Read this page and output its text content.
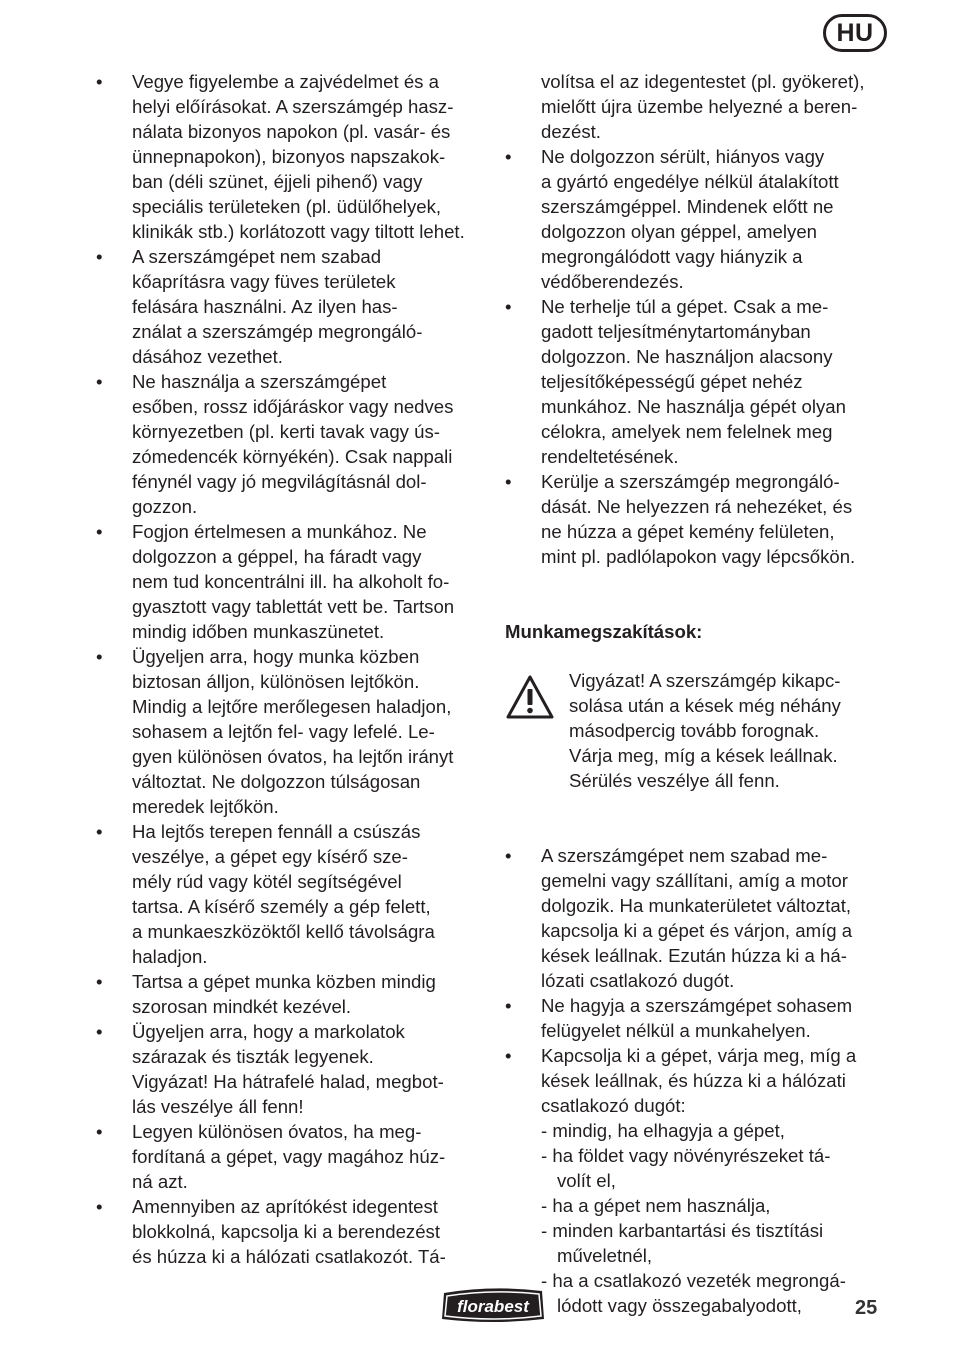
HU
• Vegye figyelembe a zajvédelmet és a
helyi előírásokat. A szerszámgép hasz-
nálata bizonyos napokon (pl. vasár- és
ünnepnapokon), bizonyos napszakok-
ban (déli szünet, éjjeli pihenő) vagy
speciális területeken (pl. üdülőhelyek,
klinikák stb.) korlátozott vagy tiltott lehet.
• A szerszámgépet nem szabad
kőaprításra vagy füves területek
felására használni. Az ilyen has-
ználat a szerszámgép megrongáló-
dásához vezethet.
• Ne használja a szerszámgépet
esőben, rossz időjáráskor vagy nedves
környezetben (pl. kerti tavak vagy ús-
zómedencék környékén). Csak nappali
fénynél vagy jó megvilágításnál dol-
gozzon.
• Fogjon értelmesen a munkához. Ne
dolgozzon a géppel, ha fáradt vagy
nem tud koncentrálni ill. ha alkoholt fo-
gyasztott vagy tablettát vett be. Tartson
mindig időben munkaszünetet.
• Ügyeljen arra, hogy munka közben
biztosan álljon, különösen lejtőkön.
Mindig a lejtőre merőlegesen haladjon,
sohasem a lejtőn fel- vagy lefelé. Le-
gyen különösen óvatos, ha lejtőn irányt
változtat. Ne dolgozzon túlságosan
meredek lejtőkön.
• Ha lejtős terepen fennáll a csúszás
veszélye, a gépet egy kísérő sze-
mély rúd vagy kötél segítségével
tartsa. A kísérő személy a gép felett,
a munkaeszközöktől kellő távolságra
haladjon.
• Tartsa a gépet munka közben mindig
szorosan mindkét kezével.
• Ügyeljen arra, hogy a markolatok
szárazak és tiszták legyenek.
Vigyázat! Ha hátrafelé halad, megbot-
lás veszélye áll fenn!
• Legyen különösen óvatos, ha meg-
fordítaná a gépet, vagy magához húz-
ná azt.
• Amennyiben az aprítókést idegentest
blokkolná, kapcsolja ki a berendezést
és húzza ki a hálózati csatlakozót. Tá-
volítsa el az idegentestet (pl. gyökeret),
mielőtt újra üzembe helyezné a beren-
dezést.
• Ne dolgozzon sérült, hiányos vagy
a gyártó engedélye nélkül átalakított
szerszámgéppel. Mindenek előtt ne
dolgozzon olyan géppel, amelyen
megrongálódott vagy hiányzik a
védőberendezés.
• Ne terhelje túl a gépet. Csak a me-
gadott teljesítménytartományban
dolgozzon. Ne használjon alacsony
teljesítőképességű gépet nehéz
munkához. Ne használja gépét olyan
célokra, amelyek nem felelnek meg
rendeltetésének.
• Kerülje a szerszámgép megrongáló-
dását. Ne helyezzen rá nehezéket, és
ne húzza a gépet kemény felületen,
mint pl. padlólapokon vagy lépcsőkön.
Munkamegszakítások:
Vigyázat! A szerszámgép kikapc-
solása után a kések még néhány
másodpercig tovább forognak.
Várja meg, míg a kések leállnak.
Sérülés veszélye áll fenn.
• A szerszámgépet nem szabad me-
gemelni vagy szállítani, amíg a motor
dolgozik. Ha munkaterületet változtat,
kapcsolja ki a gépet és várjon, amíg a
kések leállnak. Ezután húzza ki a há-
lózati csatlakozó dugót.
• Ne hagyja a szerszámgépet sohasem
felügyelet nélkül a munkahelyen.
• Kapcsolja ki a gépet, várja meg, míg a
kések leállnak, és húzza ki a hálózati
csatlakozó dugót:
- mindig, ha elhagyja a gépet,
- ha földet vagy növényrészeket tá-
volít el,
- ha a gépet nem használja,
- minden karbantartási és tisztítási
műveletnél,
- ha a csatlakozó vezeték megrongá-
lódott vagy összegabalyodott,
florabest	25
